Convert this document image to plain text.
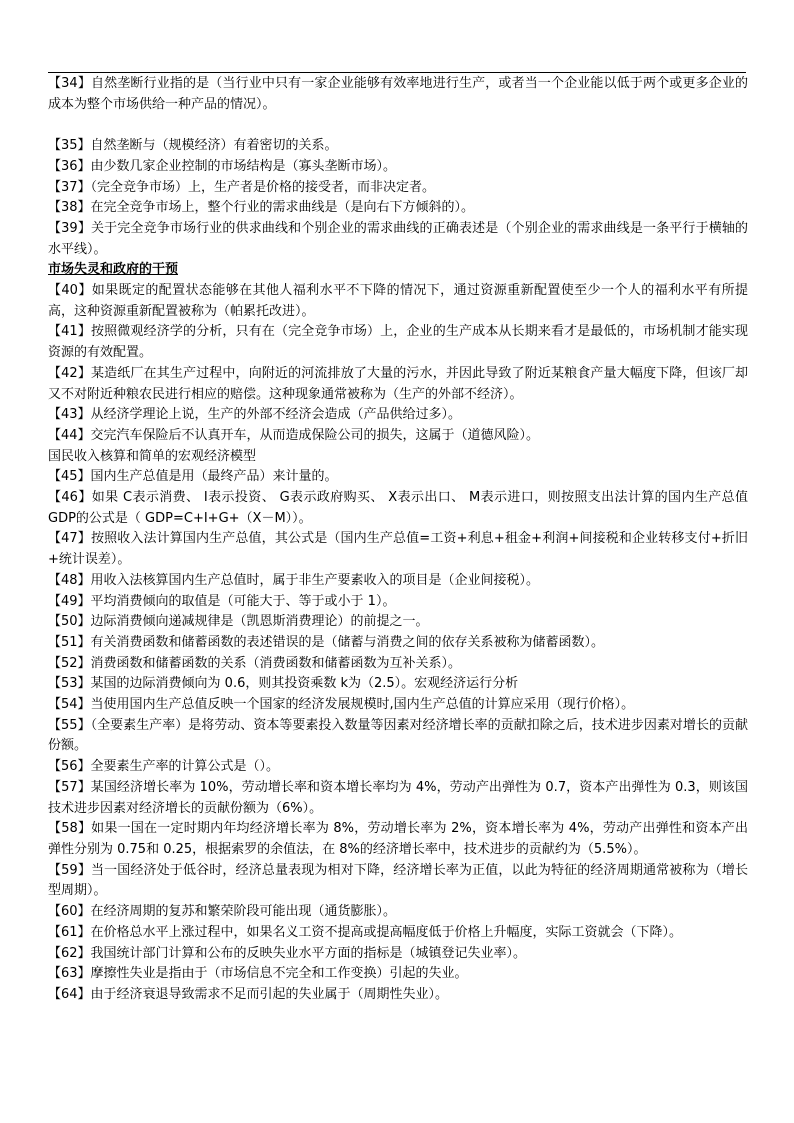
【34】自然垄断行业指的是（当行业中只有一家企业能够有效率地进行生产，或者当一个企业能以低于两个或更多企业的成本为整个市场供给一种产品的情况）。

【35】自然垄断与（规模经济）有着密切的关系。

【36】由少数几家企业控制的市场结构是（寡头垄断市场）。

【37】（完全竞争市场）上，生产者是价格的接受者，而非决定者。

【38】在完全竞争市场上，整个行业的需求曲线是（是向右下方倾斜的）。

【39】关于完全竞争市场行业的供求曲线和个别企业的需求曲线的正确表述是（个别企业的需求曲线是一条平行于横轴的水平线）。

市场失灵和政府的干预

【40】如果既定的配置状态能够在其他人福利水平不下降的情况下，通过资源重新配置使至少一个人的福利水平有所提高，这种资源重新配置被称为（帕累托改进）。

【41】按照微观经济学的分析，只有在（完全竞争市场）上，企业的生产成本从长期来看才是最低的，市场机制才能实现资源的有效配置。

【42】某造纸厂在其生产过程中，向附近的河流排放了大量的污水，并因此导致了附近某粮食产量大幅度下降，但该厂却又不对附近种粮农民进行相应的赔偿。这种现象通常被称为（生产的外部不经济）。

【43】从经济学理论上说，生产的外部不经济会造成（产品供给过多）。

【44】交完汽车保险后不认真开车，从而造成保险公司的损失，这属于（道德风险）。

国民收入核算和简单的宏观经济模型

【45】国内生产总值是用（最终产品）来计量的。

【46】如果 C表示消费、 I表示投资、 G表示政府购买、 X表示出口、 M表示进口，则按照支出法计算的国内生产总值 GDP的公式是（ GDP=C+I+G+（X－M））。

【47】按照收入法计算国内生产总值，其公式是（国内生产总值=工资+利息+租金+利润+间接税和企业转移支付+折旧+统计误差）。

【48】用收入法核算国内生产总值时，属于非生产要素收入的项目是（企业间接税）。

【49】平均消费倾向的取值是（可能大于、等于或小于 1）。

【50】边际消费倾向递减规律是（凯恩斯消费理论）的前提之一。

【51】有关消费函数和储蓄函数的表述错误的是（储蓄与消费之间的依存关系被称为储蓄函数）。

【52】消费函数和储蓄函数的关系（消费函数和储蓄函数为互补关系）。

【53】某国的边际消费倾向为 0.6，则其投资乘数 k为（2.5）。宏观经济运行分析

【54】当使用国内生产总值反映一个国家的经济发展规模时,国内生产总值的计算应采用（现行价格）。

【55】（全要素生产率）是将劳动、资本等要素投入数量等因素对经济增长率的贡献扣除之后，技术进步因素对增长的贡献份额。

【56】全要素生产率的计算公式是（）。

【57】某国经济增长率为 10%，劳动增长率和资本增长率均为 4%，劳动产出弹性为 0.7，资本产出弹性为 0.3，则该国技术进步因素对经济增长的贡献份额为（6%）。

【58】如果一国在一定时期内年均经济增长率为 8%，劳动增长率为 2%，资本增长率为 4%，劳动产出弹性和资本产出弹性分别为 0.75和 0.25，根据索罗的余值法，在 8%的经济增长率中，技术进步的贡献约为（5.5%）。

【59】当一国经济处于低谷时，经济总量表现为相对下降，经济增长率为正值，以此为特征的经济周期通常被称为（增长型周期）。

【60】在经济周期的复苏和繁荣阶段可能出现（通货膨胀）。

【61】在价格总水平上涨过程中，如果名义工资不提高或提高幅度低于价格上升幅度，实际工资就会（下降）。

【62】我国统计部门计算和公布的反映失业水平方面的指标是（城镇登记失业率）。

【63】摩擦性失业是指由于（市场信息不完全和工作变换）引起的失业。

【64】由于经济衰退导致需求不足而引起的失业属于（周期性失业）。
